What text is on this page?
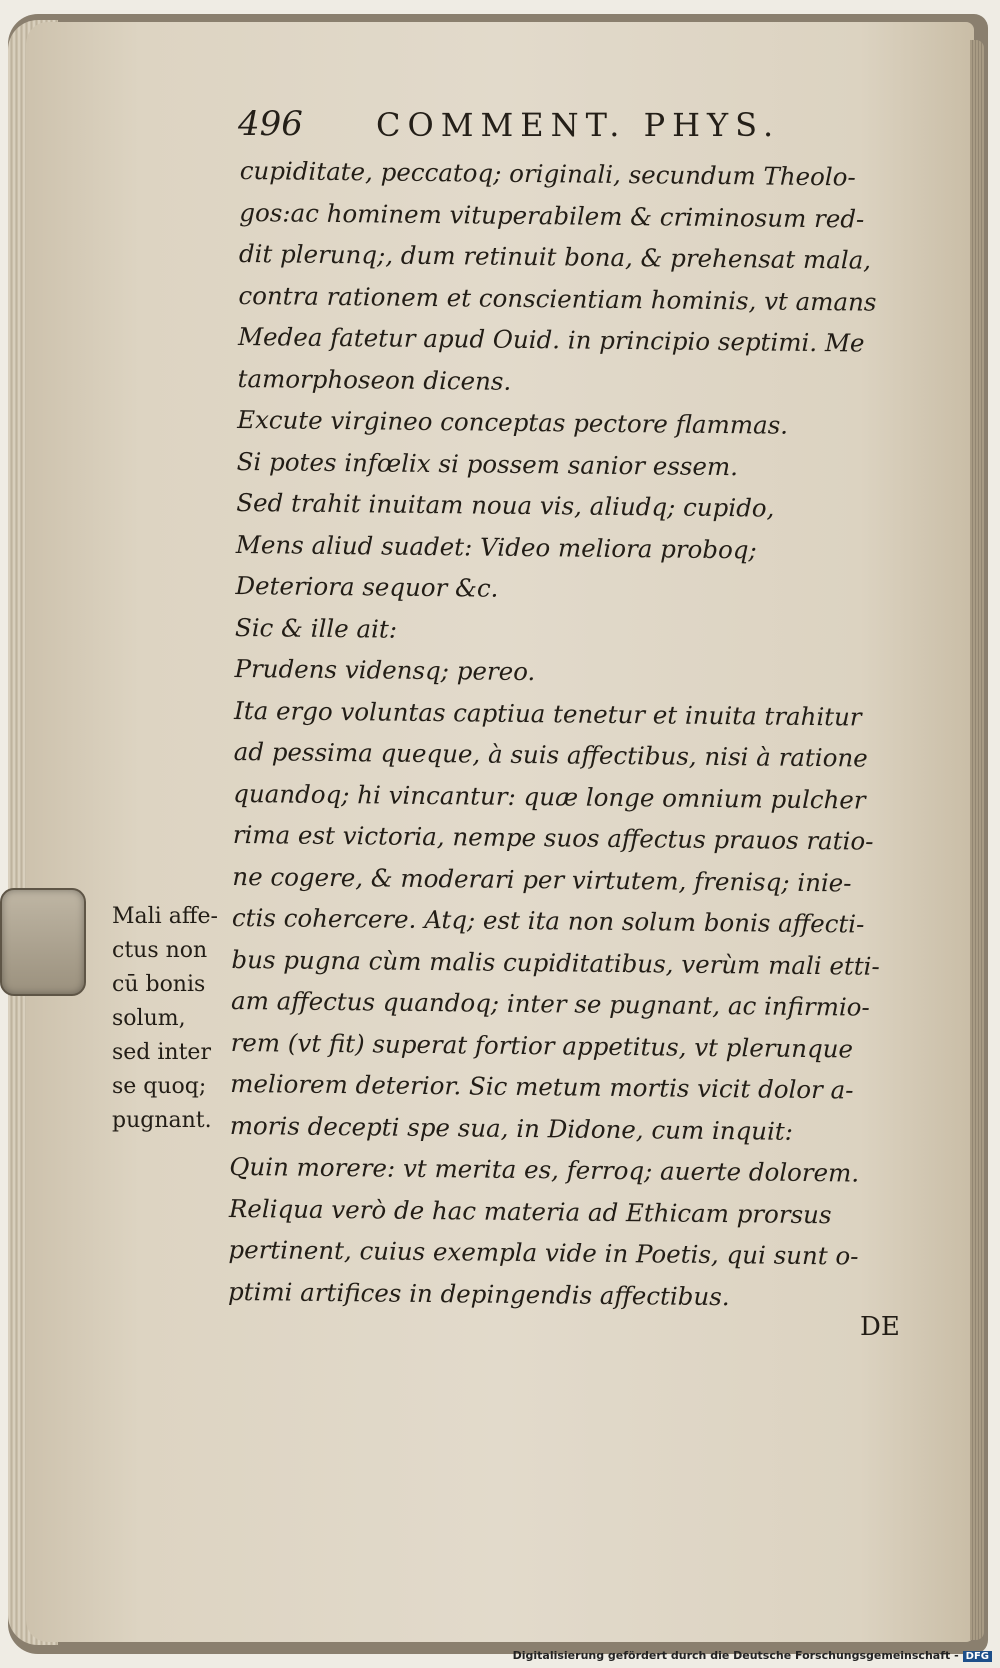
496 COMMENT. PHYS.
cupiditate, peccatoq; originali, secundum Theolo-
gos:ac hominem vituperabilem & criminosum red-
dit plerunq;, dum retinuit bona, & prehensat mala,
contra rationem et conscientiam hominis, vt amans
Medea fatetur apud Ouid. in principio septimi. Me
tamorphoseon dicens.
Excute virgineo conceptas pectore flammas.
Si potes infœlix si possem sanior essem.
Sed trahit inuitam noua vis, aliudq; cupido,
Mens aliud suadet: Video meliora proboq;
Deteriora sequor &c.
Sic & ille ait:
Prudens vidensq; pereo.
Ita ergo voluntas captiua tenetur et inuita trahitur
ad pessima queque, à suis affectibus, nisi à ratione
quandoq; hi vincantur: quæ longe omnium pulcher
rima est victoria, nempe suos affectus prauos ratio-
ne cogere, & moderari per virtutem, frenisq; inie-
ctis cohercere. Atq; est ita non solum bonis affecti-
bus pugna cùm malis cupiditatibus, verùm mali etti-
am affectus quandoq; inter se pugnant, ac infirmio-
rem (vt fit) superat fortior appetitus, vt plerunque
meliorem deterior. Sic metum mortis vicit dolor a-
moris decepti spe sua, in Didone, cum inquit:
Quin morere: vt merita es, ferroq; auerte dolorem.
Reliqua verò de hac materia ad Ethicam prorsus
pertinent, cuius exempla vide in Poetis, qui sunt o-
ptimi artifices in depingendis affectibus.
Mali affe-
ctus non
cū bonis
solum,
sed inter
se quoq;
pugnant.
DE
Digitalisierung gefördert durch die Deutsche Forschungsgemeinschaft - DFG
